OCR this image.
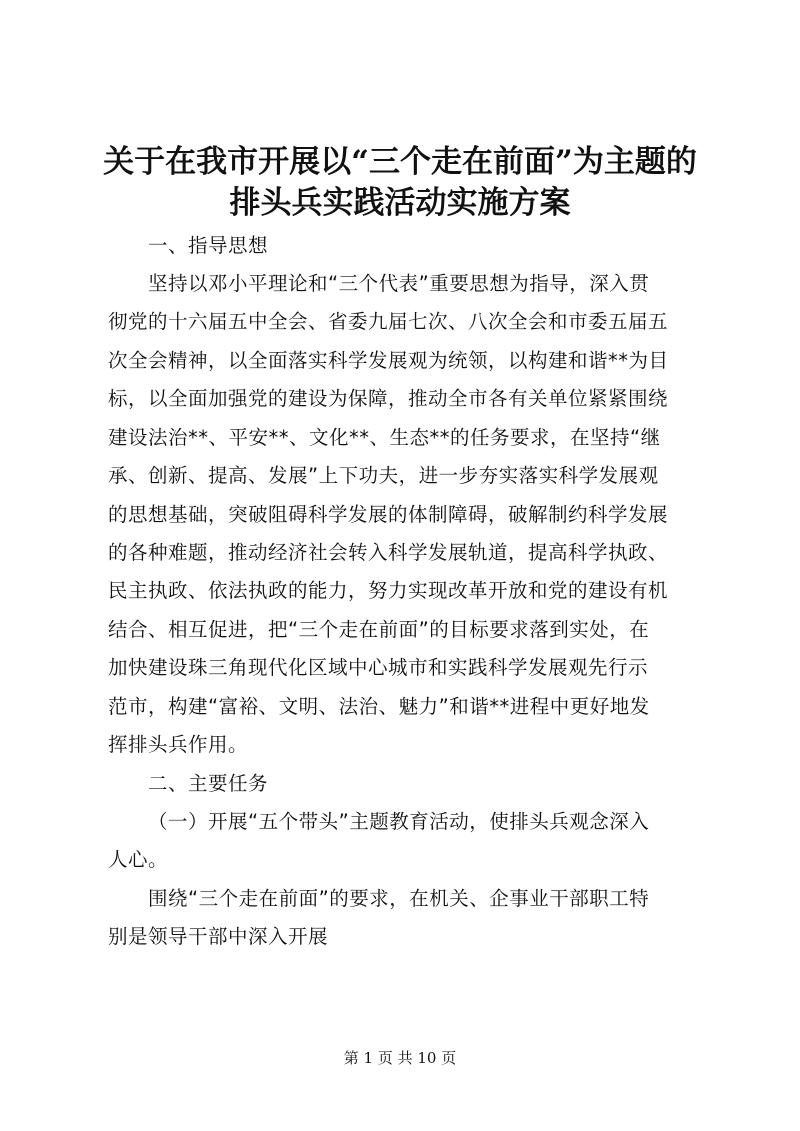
关于在我市开展以“三个走在前面”为主题的
排头兵实践活动实施方案

一、指导思想

坚持以邓小平理论和“三个代表”重要思想为指导，深入贯

彻党的十六届五中全会、省委九届七次、八次全会和市委五届五

次全会精神，以全面落实科学发展观为统领，以构建和谐**为目

标，以全面加强党的建设为保障，推动全市各有关单位紧紧围绕

建设法治**、平安**、文化**、生态**的任务要求，在坚持“继

承、创新、提高、发展”上下功夫，进一步夯实落实科学发展观

的思想基础，突破阻碍科学发展的体制障碍，破解制约科学发展

的各种难题，推动经济社会转入科学发展轨道，提高科学执政、

民主执政、依法执政的能力，努力实现改革开放和党的建设有机

结合、相互促进，把“三个走在前面”的目标要求落到实处，在

加快建设珠三角现代化区域中心城市和实践科学发展观先行示

范市，构建“富裕、文明、法治、魅力”和谐**进程中更好地发

挥排头兵作用。

二、主要任务

（一）开展“五个带头”主题教育活动，使排头兵观念深入

人心。

围绕“三个走在前面”的要求，在机关、企事业干部职工特

别是领导干部中深入开展

第 1 页 共 10 页
